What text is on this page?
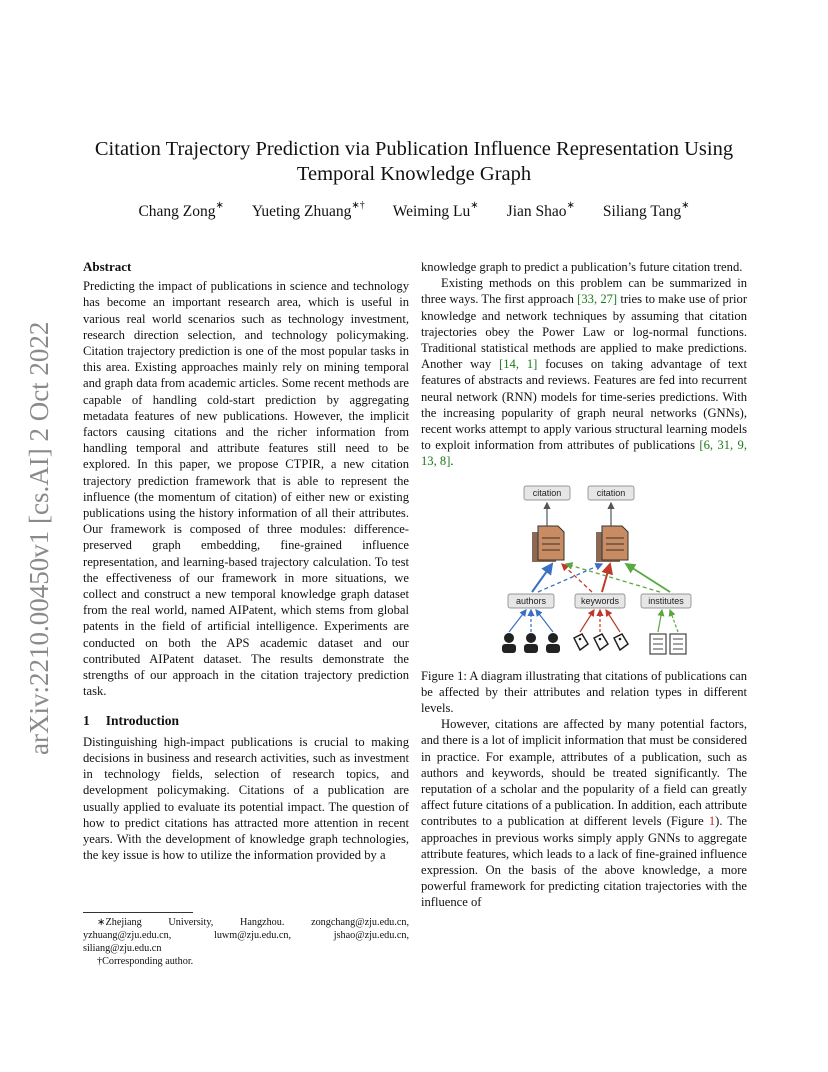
arXiv:2210.00450v1 [cs.AI] 2 Oct 2022
Citation Trajectory Prediction via Publication Influence Representation Using
Temporal Knowledge Graph
Chang Zong∗ Yueting Zhuang∗† Weiming Lu∗ Jian Shao∗ Siliang Tang∗
Abstract

Predicting the impact of publications in science and technology has become an important research area, which is useful in various real world scenarios such as technology investment, research direction selection, and technology policymaking. Citation trajectory prediction is one of the most popular tasks in this area. Existing approaches mainly rely on mining temporal and graph data from academic articles. Some recent methods are capable of handling cold-start prediction by aggregating metadata features of new publications. However, the implicit factors causing citations and the richer information from handling temporal and attribute features still need to be explored. In this paper, we propose CTPIR, a new citation trajectory prediction framework that is able to represent the influence (the momentum of citation) of either new or existing publications using the history information of all their attributes. Our framework is composed of three modules: difference-preserved graph embedding, fine-grained influence representation, and learning-based trajectory calculation. To test the effectiveness of our framework in more situations, we collect and construct a new temporal knowledge graph dataset from the real world, named AIPatent, which stems from global patents in the field of artificial intelligence. Experiments are conducted on both the APS academic dataset and our contributed AIPatent dataset. The results demonstrate the strengths of our approach in the citation trajectory prediction task.

1 Introduction

Distinguishing high-impact publications is crucial to making decisions in business and research activities, such as investment in technology fields, selection of research topics, and development policymaking. Citations of a publication are usually applied to evaluate its potential impact. The question of how to predict citations has attracted more attention in recent years. With the development of knowledge graph technologies, the key issue is how to utilize the information provided by a

knowledge graph to predict a publication’s future citation trend.

Existing methods on this problem can be summarized in three ways. The first approach [33, 27] tries to make use of prior knowledge and network techniques by assuming that citation trajectories obey the Power Law or log-normal functions. Traditional statistical methods are applied to make predictions. Another way [14, 1] focuses on taking advantage of text features of abstracts and reviews. Features are fed into recurrent neural network (RNN) models for time-series predictions. With the increasing popularity of graph neural networks (GNNs), recent works attempt to apply various structural learning models to exploit information from attributes of publications [6, 31, 9, 13, 8].

citation	citation
authors	keywords	institutes

Figure 1: A diagram illustrating that citations of publications can be affected by their attributes and relation types in different levels.

However, citations are affected by many potential factors, and there is a lot of implicit information that must be considered in practice. For example, attributes of a publication, such as authors and keywords, should be treated significantly. The reputation of a scholar and the popularity of a field can greatly affect future citations of a publication. In addition, each attribute contributes to a publication at different levels (Figure 1). The approaches in previous works simply apply GNNs to aggregate attribute features, which leads to a lack of fine-grained influence expression. On the basis of the above knowledge, a more powerful framework for predicting citation trajectories with the influence of

∗Zhejiang University, Hangzhou. zongchang@zju.edu.cn, yzhuang@zju.edu.cn, luwm@zju.edu.cn, jshao@zju.edu.cn, siliang@zju.edu.cn

†Corresponding author.
